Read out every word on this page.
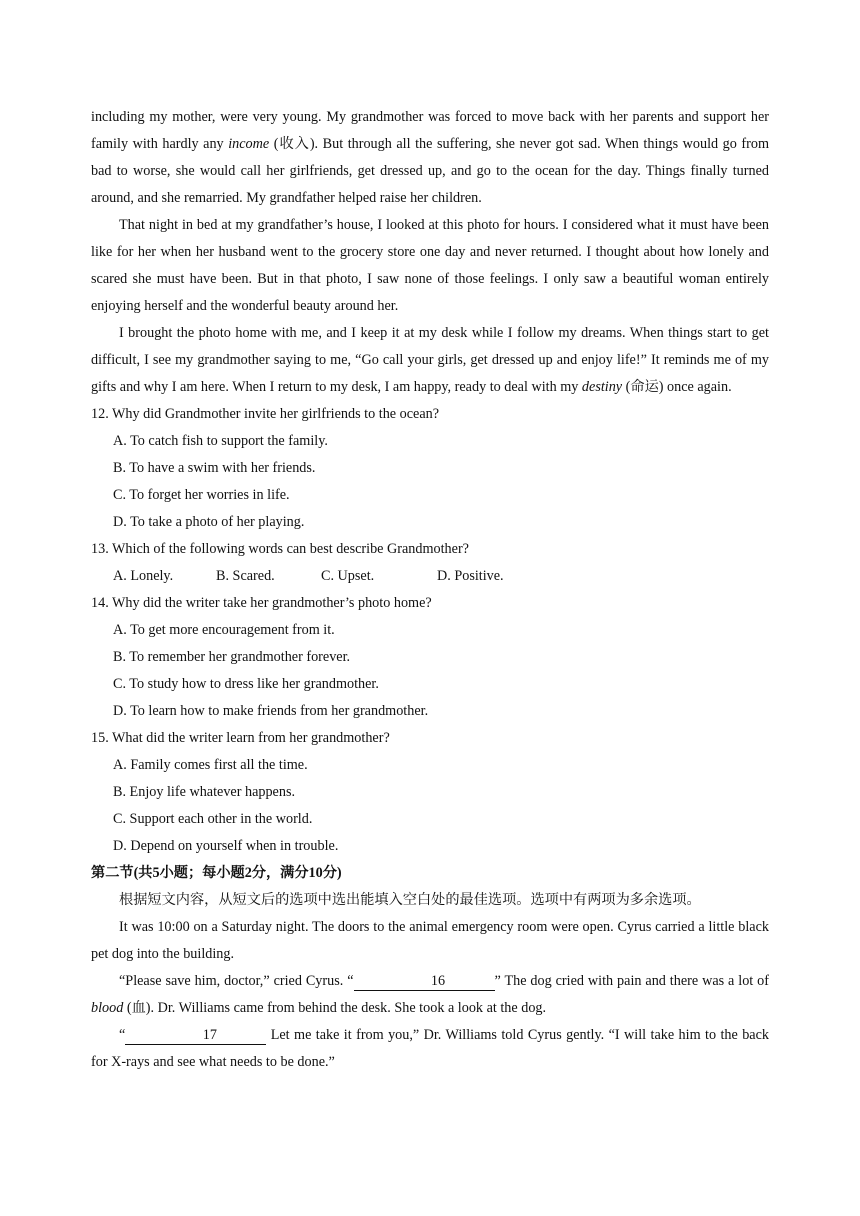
including my mother, were very young. My grandmother was forced to move back with her parents and support her family with hardly any income (收入). But through all the suffering, she never got sad. When things would go from bad to worse, she would call her girlfriends, get dressed up, and go to the ocean for the day. Things finally turned around, and she remarried. My grandfather helped raise her children.

That night in bed at my grandfather’s house, I looked at this photo for hours. I considered what it must have been like for her when her husband went to the grocery store one day and never returned. I thought about how lonely and scared she must have been. But in that photo, I saw none of those feelings. I only saw a beautiful woman entirely enjoying herself and the wonderful beauty around her.

I brought the photo home with me, and I keep it at my desk while I follow my dreams. When things start to get difficult, I see my grandmother saying to me, “Go call your girls, get dressed up and enjoy life!” It reminds me of my gifts and why I am here. When I return to my desk, I am happy, ready to deal with my destiny (命运) once again.

12. Why did Grandmother invite her girlfriends to the ocean?

A. To catch fish to support the family.

B. To have a swim with her friends.

C. To forget her worries in life.

D. To take a photo of her playing.

13. Which of the following words can best describe Grandmother?

A. Lonely.	B. Scared.	C. Upset.	D. Positive.

14. Why did the writer take her grandmother’s photo home?

A. To get more encouragement from it.

B. To remember her grandmother forever.

C. To study how to dress like her grandmother.

D. To learn how to make friends from her grandmother.

15. What did the writer learn from her grandmother?

A. Family comes first all the time.

B. Enjoy life whatever happens.

C. Support each other in the world.

D. Depend on yourself when in trouble.

第二节(共5小题；每小题2分，满分10分)

根据短文内容，从短文后的选项中选出能填入空白处的最佳选项。选项中有两项为多余选项。

It was 10:00 on a Saturday night. The doors to the animal emergency room were open. Cyrus carried a little black pet dog into the building.

“Please save him, doctor,” cried Cyrus. “	16	” The dog cried with pain and there was a lot of blood (血). Dr. Williams came from behind the desk. She took a look at the dog.

“	17	Let me take it from you,” Dr. Williams told Cyrus gently. “I will take him to the back for X-rays and see what needs to be done.”
